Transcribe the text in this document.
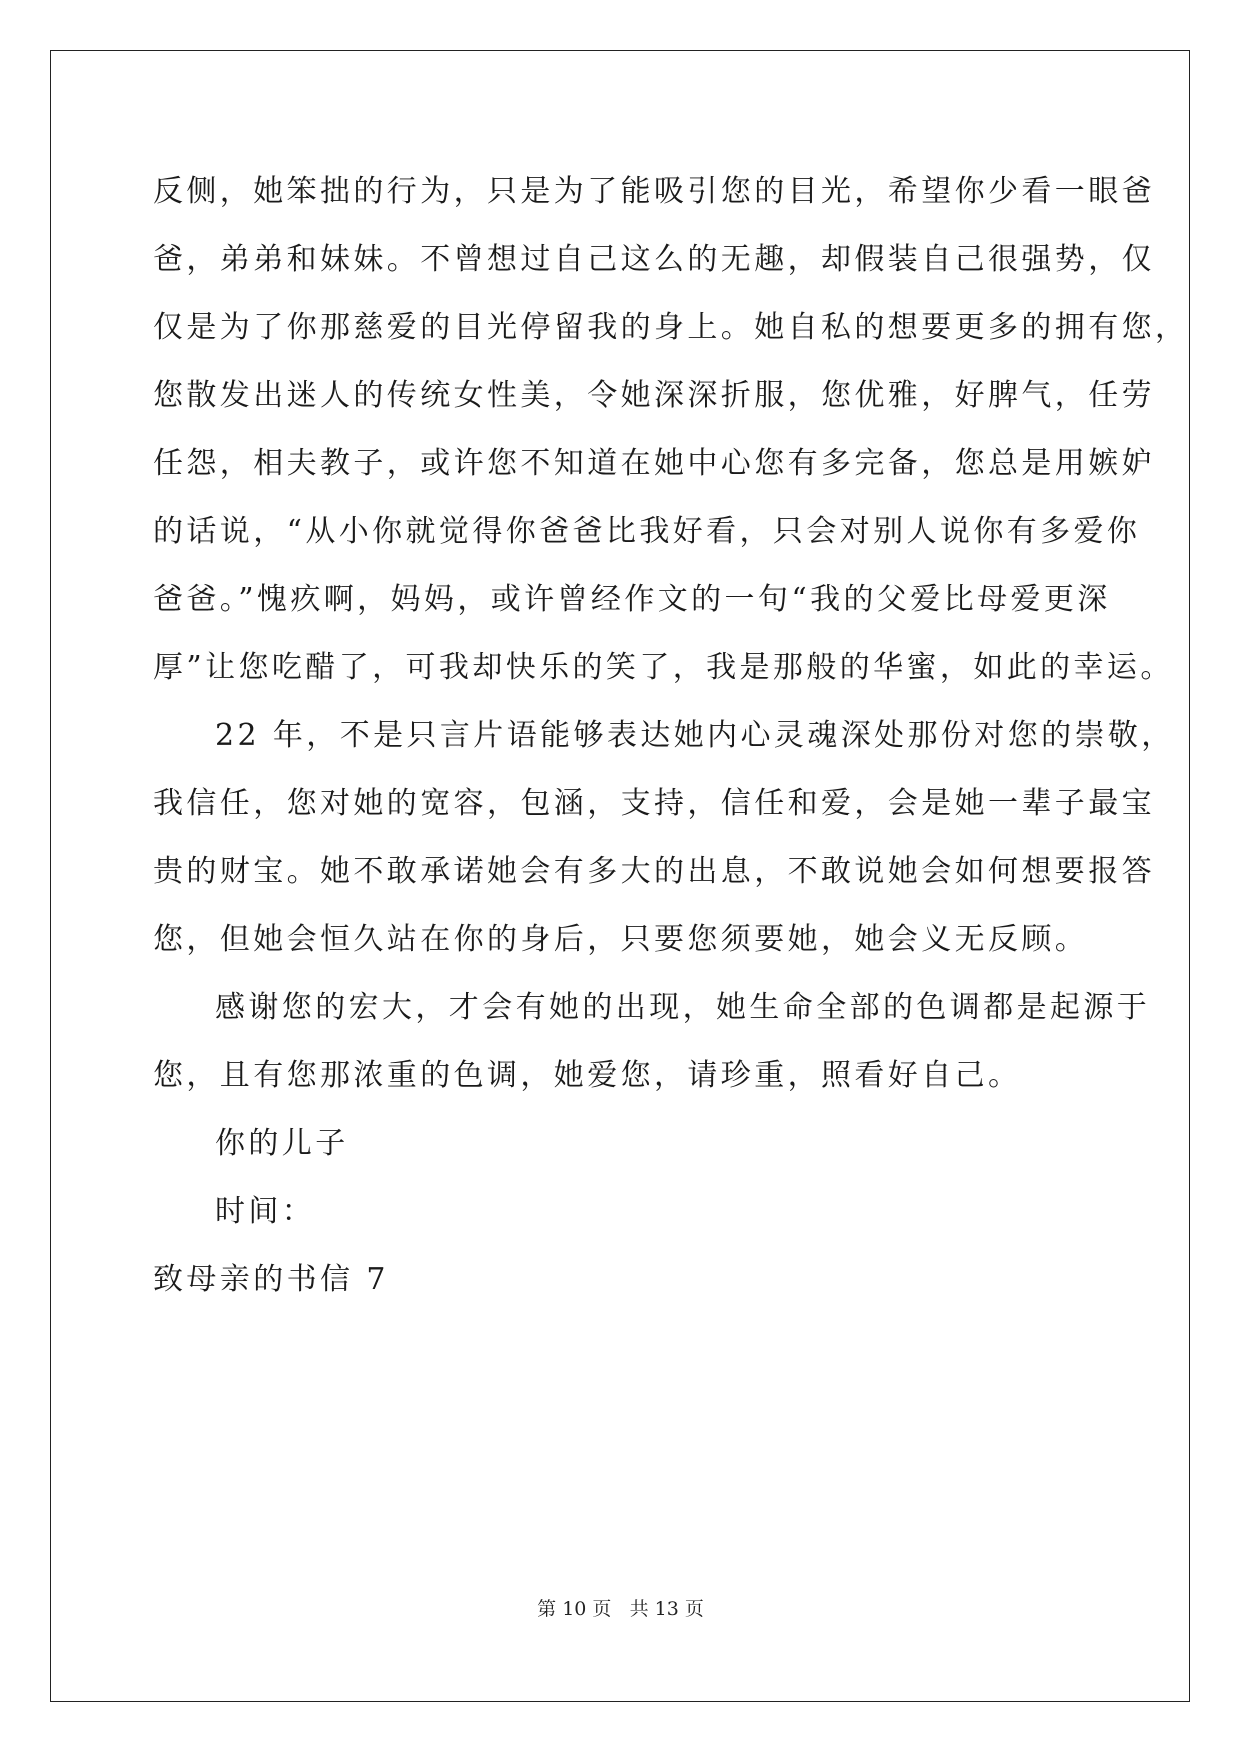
反侧，她笨拙的行为，只是为了能吸引您的目光，希望你少看一眼爸
爸，弟弟和妹妹。不曾想过自己这么的无趣，却假装自己很强势，仅
仅是为了你那慈爱的目光停留我的身上。她自私的想要更多的拥有您，
您散发出迷人的传统女性美，令她深深折服，您优雅，好脾气，任劳
任怨，相夫教子，或许您不知道在她中心您有多完备，您总是用嫉妒
的话说，“从小你就觉得你爸爸比我好看，只会对别人说你有多爱你
爸爸。”愧疚啊，妈妈，或许曾经作文的一句“我的父爱比母爱更深
厚”让您吃醋了，可我却快乐的笑了，我是那般的华蜜，如此的幸运。
22 年，不是只言片语能够表达她内心灵魂深处那份对您的崇敬，
我信任，您对她的宽容，包涵，支持，信任和爱，会是她一辈子最宝
贵的财宝。她不敢承诺她会有多大的出息，不敢说她会如何想要报答
您，但她会恒久站在你的身后，只要您须要她，她会义无反顾。
感谢您的宏大，才会有她的出现，她生命全部的色调都是起源于
您，且有您那浓重的色调，她爱您，请珍重，照看好自己。
你的儿子
时间：
致母亲的书信 7
第 10 页 共 13 页
